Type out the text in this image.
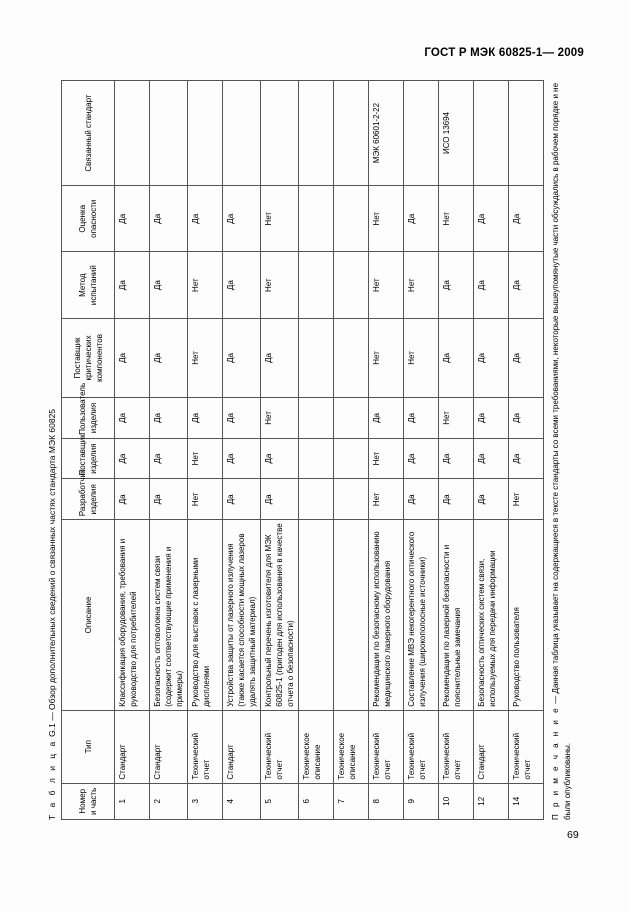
ГОСТ Р МЭК 60825-1— 2009
Т а б л и ц а G.1 — Обзор дополнительных сведений о связанных частях стандарта МЭК 60825
Номер и часть	Тип	Описание	Разработчик изделия	Поставщик изделия	Пользователь изделия	Поставщик критических компонентов	Метод испытаний	Оценка опасности	Связанный стандарт
1	Стандарт	Классификация оборудования, требования и руководство для потребителей	Да	Да	Да	Да	Да	Да	
2	Стандарт	Безопасность оптоволокна систем связи (содержит соответствующие применения и примеры)	Да	Да	Да	Да	Да	Да	
3	Технический отчет	Руководство для выставок с лазерными дисплеями	Нет	Нет	Да	Нет	Нет	Да	
4	Стандарт	Устройства защиты от лазерного излучения (также касается способности мощных лазеров удалять защитный материал)	Да	Да	Да	Да	Да	Да	
5	Технический отчет	Контрольный перечень изготовителя для МЭК 60825-1 (пригоден для использования в качестве отчета о безопасности)	Да	Да	Нет	Да	Нет	Нет	
6	Техническое описание								
7	Техническое описание								
8	Технический отчет	Рекомендации по безопасному использованию медицинского лазерного оборудования	Нет	Нет	Да	Нет	Нет	Нет	МЭК 60601-2-22
9	Технический отчет	Составление МВЭ некогерентного оптического излучения (широкополосные источники)	Да	Да	Да	Нет	Нет	Да	
10	Технический отчет	Рекомендации по лазерной безопасности и пояснительные замечания	Да	Да	Нет	Да	Да	Нет	ИСО 13694
12	Стандарт	Безопасность оптических систем связи, используемых для передачи информации	Да	Да	Да	Да	Да	Да	
14	Технический отчет	Руководство пользователя	Нет	Да	Да	Да	Да	Да	
П р и м е ч а н и е — Данная таблица указывает на содержащиеся в тексте стандарты со всеми требованиями, некоторые вышеупомянутые части обсуждались в рабочем порядке и не были опубликованы.
69
